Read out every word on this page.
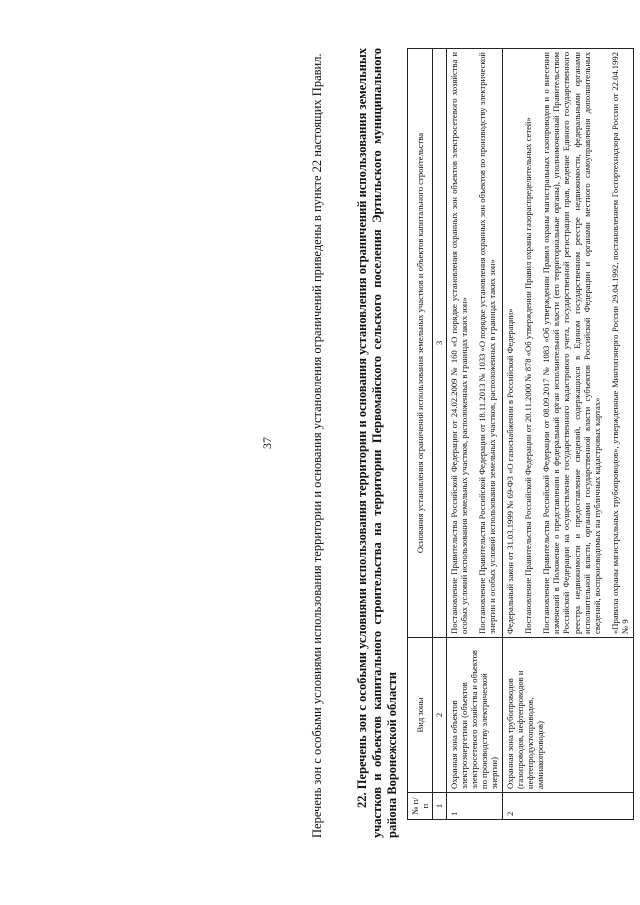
37	Перечень зон с особыми условиями использования территории и основания установления ограничений приведены в пункте 22 настоящих Правил.	22. Перечень зон с особыми условиями использования территории и основания установления ограничений использования земельных участков и объектов капитального строительства на территории Первомайского сельского поселения Эртильского муниципального района Воронежской области № п/п	Вид зоны	Основания установления ограничений использования земельных участков и объектов капитального строительства
1	2	3
1	Охранная зона объектов электроэнергетики (объектов электросетевого хозяйства и объектов по производству электрической энергии)	Постановление Правительства Российской Федерации от 24.02.2009 № 160 «О порядке установления охранных зон объектов электросетевого хозяйства и особых условий использования земельных участков, расположенных в границах таких зон» Постановление Правительства Российской Федерации от 18.11.2013 № 1033 «О порядке установления охранных зон объектов по производству электрической энергии и особых условий использования земельных участков, расположенных в границах таких зон»

2	Охранная зона трубопроводов (газопроводов, нефтепроводов и нефтепродуктопроводов, аммиакопроводов)	Федеральный закон от 31.03.1999 № 69-ФЗ «О газоснабжении в Российской Федерации» Постановление Правительства Российской Федерации от 20.11.2000 № 878 «Об утверждении Правил охраны газораспределительных сетей» Постановление Правительства Российской Федерации от 08.09.2017 № 1083 «Об утверждении Правил охраны магистральных газопроводов и о внесении изменений в Положение о представлении в федеральный орган исполнительной власти (его территориальные органы), уполномоченный Правительством Российской Федерации на осуществление государственного кадастрового учета, государственной регистрации прав, ведение Единого государственного реестра недвижимости и предоставление сведений, содержащихся в Едином государственном реестре недвижимости, федеральными органами исполнительной власти, органами государственной власти субъектов Российской Федерации и органами местного самоуправления дополнительных сведений, воспроизводимых на публичных кадастровых картах» «Правила охраны магистральных трубопроводов», утвержденные Минтопэнерго России 29.04.1992, постановлением Госгортехнадзора России от 22.04.1992 № 9
